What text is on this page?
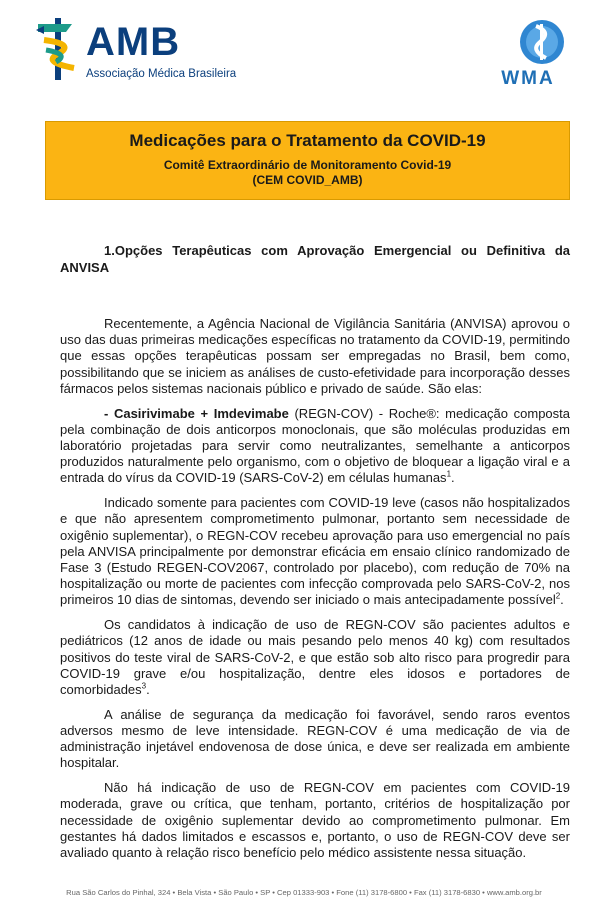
AMB
Associação Médica Brasileira	WMA
Medicações para o Tratamento da COVID-19
Comitê Extraordinário de Monitoramento Covid-19
(CEM COVID_AMB)
1.Opções Terapêuticas com Aprovação Emergencial ou Definitiva da ANVISA

Recentemente, a Agência Nacional de Vigilância Sanitária (ANVISA) aprovou o uso das duas primeiras medicações específicas no tratamento da COVID-19, permitindo que essas opções terapêuticas possam ser empregadas no Brasil, bem como, possibilitando que se iniciem as análises de custo-efetividade para incorporação desses fármacos pelos sistemas nacionais público e privado de saúde. São elas:

- Casirivimabe + Imdevimabe (REGN-COV) - Roche®: medicação composta pela combinação de dois anticorpos monoclonais, que são moléculas produzidas em laboratório projetadas para servir como neutralizantes, semelhante a anticorpos produzidos naturalmente pelo organismo, com o objetivo de bloquear a ligação viral e a entrada do vírus da COVID-19 (SARS-CoV-2) em células humanas$^1$.

Indicado somente para pacientes com COVID-19 leve (casos não hospitalizados e que não apresentem comprometimento pulmonar, portanto sem necessidade de oxigênio suplementar), o REGN-COV recebeu aprovação para uso emergencial no país pela ANVISA principalmente por demonstrar eficácia em ensaio clínico randomizado de Fase 3 (Estudo REGEN-COV2067, controlado por placebo), com redução de 70% na hospitalização ou morte de pacientes com infecção comprovada pelo SARS-CoV-2, nos primeiros 10 dias de sintomas, devendo ser iniciado o mais antecipadamente possível$^2$.

Os candidatos à indicação de uso de REGN-COV são pacientes adultos e pediátricos (12 anos de idade ou mais pesando pelo menos 40 kg) com resultados positivos do teste viral de SARS-CoV-2, e que estão sob alto risco para progredir para COVID-19 grave e/ou hospitalização, dentre eles idosos e portadores de comorbidades$^3$.

A análise de segurança da medicação foi favorável, sendo raros eventos adversos mesmo de leve intensidade. REGN-COV é uma medicação de via de administração injetável endovenosa de dose única, e deve ser realizada em ambiente hospitalar.

Não há indicação de uso de REGN-COV em pacientes com COVID-19 moderada, grave ou crítica, que tenham, portanto, critérios de hospitalização por necessidade de oxigênio suplementar devido ao comprometimento pulmonar. Em gestantes há dados limitados e escassos e, portanto, o uso de REGN-COV deve ser avaliado quanto à relação risco benefício pelo médico assistente nessa situação.

Rua São Carlos do Pinhal, 324 • Bela Vista • São Paulo • SP • Cep 01333-903 • Fone (11) 3178-6800 • Fax (11) 3178-6830 • www.amb.org.br
